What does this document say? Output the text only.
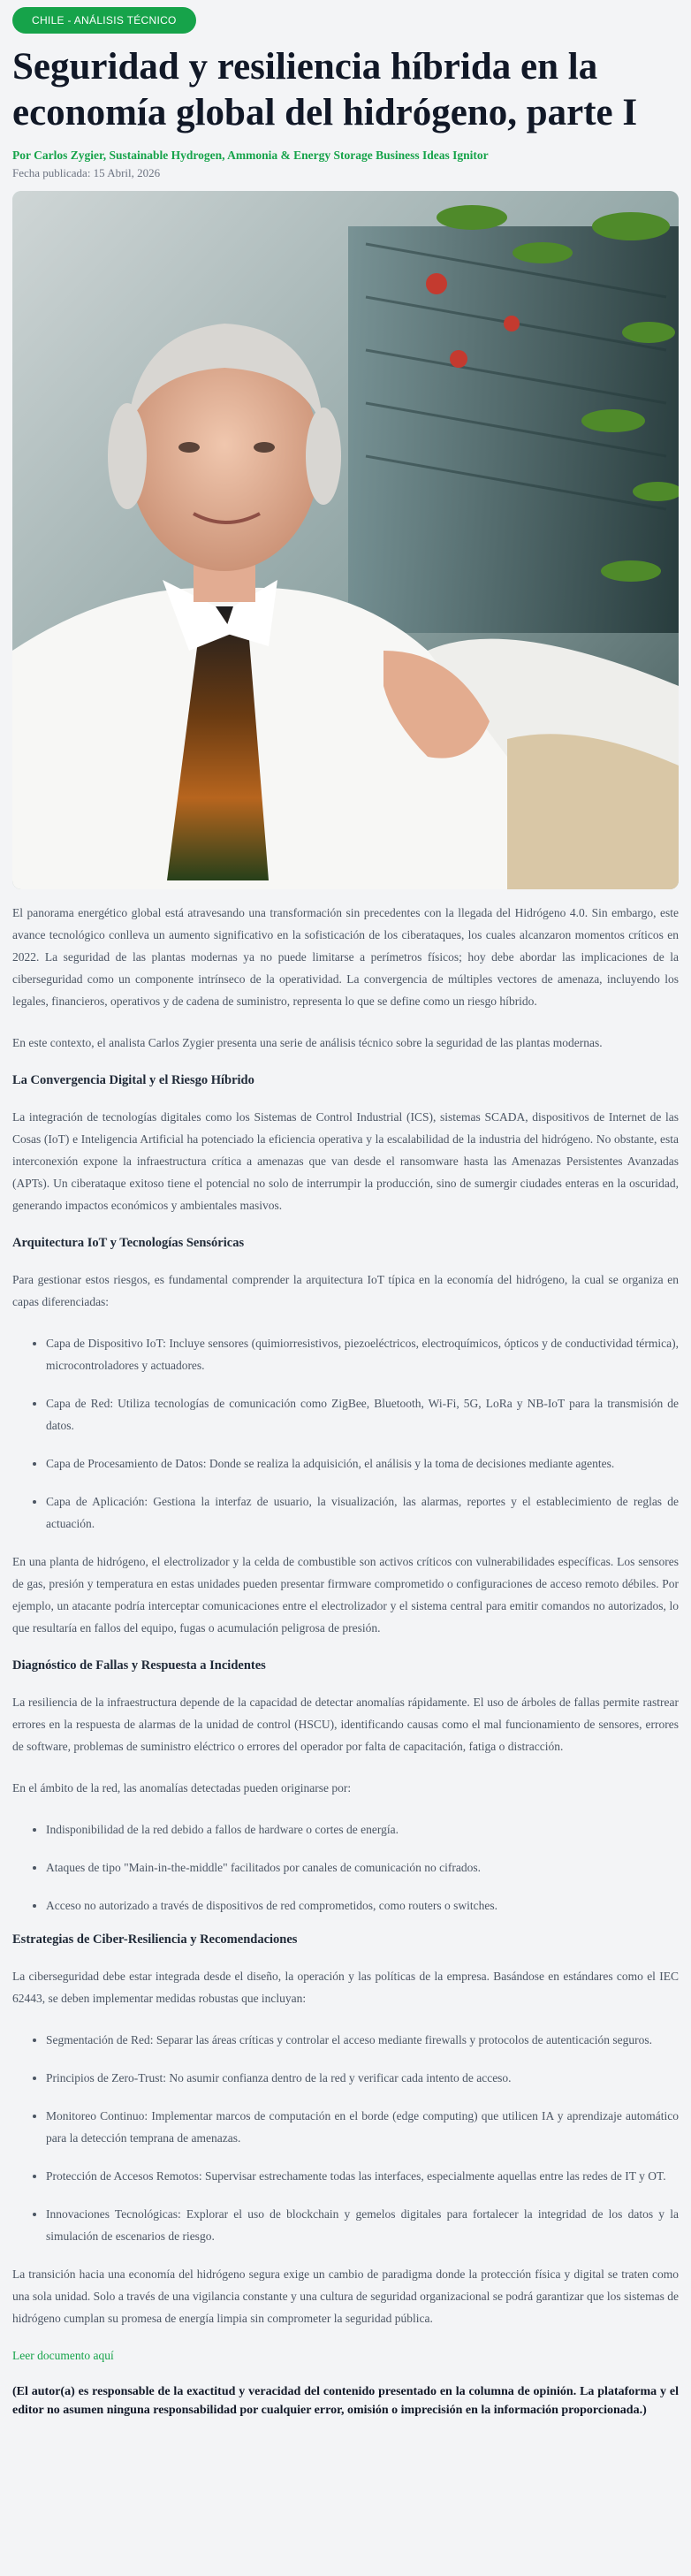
CHILE - ANÁLISIS TÉCNICO
Seguridad y resiliencia híbrida en la economía global del hidrógeno, parte I
Por Carlos Zygier, Sustainable Hydrogen, Ammonia & Energy Storage Business Ideas Ignitor
Fecha publicada: 15 Abril, 2026

El panorama energético global está atravesando una transformación sin precedentes con la llegada del Hidrógeno 4.0. Sin embargo, este avance tecnológico conlleva un aumento significativo en la sofisticación de los ciberataques, los cuales alcanzaron momentos críticos en 2022. La seguridad de las plantas modernas ya no puede limitarse a perímetros físicos; hoy debe abordar las implicaciones de la ciberseguridad como un componente intrínseco de la operatividad. La convergencia de múltiples vectores de amenaza, incluyendo los legales, financieros, operativos y de cadena de suministro, representa lo que se define como un riesgo híbrido.

En este contexto, el analista Carlos Zygier presenta una serie de análisis técnico sobre la seguridad de las plantas modernas.

La Convergencia Digital y el Riesgo Híbrido

La integración de tecnologías digitales como los Sistemas de Control Industrial (ICS), sistemas SCADA, dispositivos de Internet de las Cosas (IoT) e Inteligencia Artificial ha potenciado la eficiencia operativa y la escalabilidad de la industria del hidrógeno. No obstante, esta interconexión expone la infraestructura crítica a amenazas que van desde el ransomware hasta las Amenazas Persistentes Avanzadas (APTs). Un ciberataque exitoso tiene el potencial no solo de interrumpir la producción, sino de sumergir ciudades enteras en la oscuridad, generando impactos económicos y ambientales masivos.

Arquitectura IoT y Tecnologías Sensóricas

Para gestionar estos riesgos, es fundamental comprender la arquitectura IoT típica en la economía del hidrógeno, la cual se organiza en capas diferenciadas:

• Capa de Dispositivo IoT: Incluye sensores (quimiorresistivos, piezoeléctricos, electroquímicos, ópticos y de conductividad térmica), microcontroladores y actuadores.
• Capa de Red: Utiliza tecnologías de comunicación como ZigBee, Bluetooth, Wi-Fi, 5G, LoRa y NB-IoT para la transmisión de datos.
• Capa de Procesamiento de Datos: Donde se realiza la adquisición, el análisis y la toma de decisiones mediante agentes.
• Capa de Aplicación: Gestiona la interfaz de usuario, la visualización, las alarmas, reportes y el establecimiento de reglas de actuación.

En una planta de hidrógeno, el electrolizador y la celda de combustible son activos críticos con vulnerabilidades específicas. Los sensores de gas, presión y temperatura en estas unidades pueden presentar firmware comprometido o configuraciones de acceso remoto débiles. Por ejemplo, un atacante podría interceptar comunicaciones entre el electrolizador y el sistema central para emitir comandos no autorizados, lo que resultaría en fallos del equipo, fugas o acumulación peligrosa de presión.

Diagnóstico de Fallas y Respuesta a Incidentes

La resiliencia de la infraestructura depende de la capacidad de detectar anomalías rápidamente. El uso de árboles de fallas permite rastrear errores en la respuesta de alarmas de la unidad de control (HSCU), identificando causas como el mal funcionamiento de sensores, errores de software, problemas de suministro eléctrico o errores del operador por falta de capacitación, fatiga o distracción.

En el ámbito de la red, las anomalías detectadas pueden originarse por:

• Indisponibilidad de la red debido a fallos de hardware o cortes de energía.
• Ataques de tipo "Main-in-the-middle" facilitados por canales de comunicación no cifrados.
• Acceso no autorizado a través de dispositivos de red comprometidos, como routers o switches.
Estrategias de Ciber-Resiliencia y Recomendaciones

La ciberseguridad debe estar integrada desde el diseño, la operación y las políticas de la empresa. Basándose en estándares como el IEC 62443, se deben implementar medidas robustas que incluyan:

• Segmentación de Red: Separar las áreas críticas y controlar el acceso mediante firewalls y protocolos de autenticación seguros.
• Principios de Zero-Trust: No asumir confianza dentro de la red y verificar cada intento de acceso.
• Monitoreo Continuo: Implementar marcos de computación en el borde (edge computing) que utilicen IA y aprendizaje automático para la detección temprana de amenazas.
• Protección de Accesos Remotos: Supervisar estrechamente todas las interfaces, especialmente aquellas entre las redes de IT y OT.
• Innovaciones Tecnológicas: Explorar el uso de blockchain y gemelos digitales para fortalecer la integridad de los datos y la simulación de escenarios de riesgo.

La transición hacia una economía del hidrógeno segura exige un cambio de paradigma donde la protección física y digital se traten como una sola unidad. Solo a través de una vigilancia constante y una cultura de seguridad organizacional se podrá garantizar que los sistemas de hidrógeno cumplan su promesa de energía limpia sin comprometer la seguridad pública.

Leer documento aquí
(El autor(a) es responsable de la exactitud y veracidad del contenido presentado en la columna de opinión. La plataforma y el editor no asumen ninguna responsabilidad por cualquier error, omisión o imprecisión en la información proporcionada.)
